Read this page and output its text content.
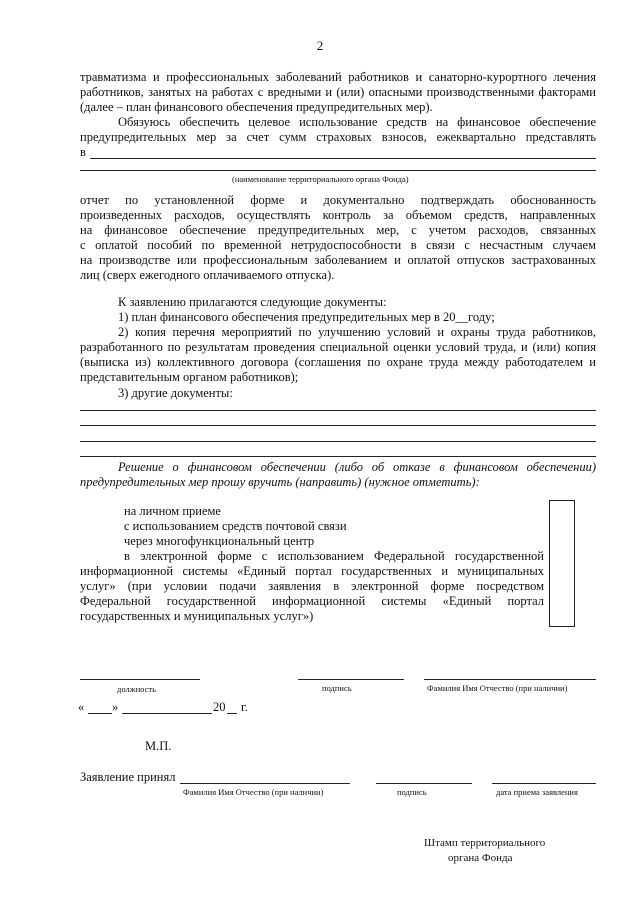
2
травматизма и профессиональных заболеваний работников и санаторно-курортного лечения
работников, занятых на работах с вредными и (или) опасными производственными факторами
(далее – план финансового обеспечения предупредительных мер).
Обязуюсь обеспечить целевое использование средств на финансовое обеспечение
предупредительных мер за счет сумм страховых взносов, ежеквартально представлять
в
(наименование территориального органа Фонда)
отчет по установленной форме и документально подтверждать обоснованность
произведенных расходов, осуществлять контроль за объемом средств, направленных
на финансовое обеспечение предупредительных мер, с учетом расходов, связанных
с оплатой пособий по временной нетрудоспособности в связи с несчастным случаем
на производстве или профессиональным заболеванием и оплатой отпусков застрахованных
лиц (сверх ежегодного оплачиваемого отпуска).
К заявлению прилагаются следующие документы:
1) план финансового обеспечения предупредительных мер в 20__году;
2) копия перечня мероприятий по улучшению условий и охраны труда работников,
разработанного по результатам проведения специальной оценки условий труда, и (или) копия
(выписка из) коллективного договора (соглашения по охране труда между работодателем и
представительным органом работников);
3) другие документы:
Решение о финансовом обеспечении (либо об отказе в финансовом обеспечении)
предупредительных мер прошу вручить (направить) (нужное отметить):
на личном приеме
с использованием средств почтовой связи
через многофункциональный центр
в электронной форме с использованием Федеральной государственной
информационной системы «Единый портал государственных и муниципальных
услуг» (при условии подачи заявления в электронной форме посредством
Федеральной государственной информационной системы «Единый портал
государственных и муниципальных услуг»)
должность	подпись	Фамилия Имя Отчество (при наличии)
« »	20 г.
М.П.
Заявление принял
Фамилия Имя Отчество (при наличии)	подпись	дата приема заявления
Штамп территориального
органа Фонда
